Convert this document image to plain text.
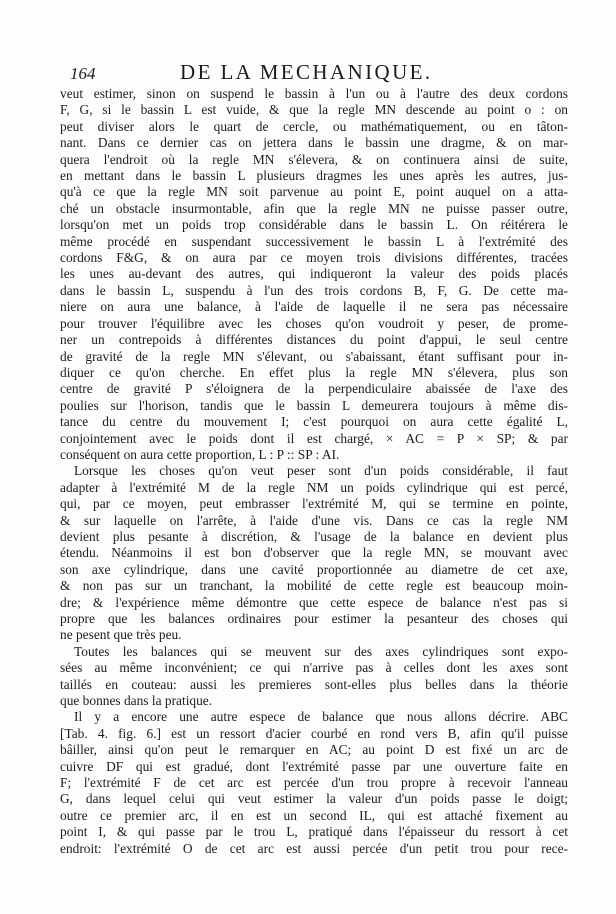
164	DE LA MECHANIQUE.
veut estimer, sinon on suspend le bassin à l'un ou à l'autre des deux cordons
F, G, si le bassin L est vuide, & que la regle MN descende au point o : on
peut diviser alors le quart de cercle, ou mathématiquement, ou en tâton-
nant. Dans ce dernier cas on jettera dans le bassin une dragme, & on mar-
quera l'endroit où la regle MN s'élevera, & on continuera ainsi de suite,
en mettant dans le bassin L plusieurs dragmes les unes après les autres, jus-
qu'à ce que la regle MN soit parvenue au point E, point auquel on a atta-
ché un obstacle insurmontable, afin que la regle MN ne puisse passer outre,
lorsqu'on met un poids trop considérable dans le bassin L. On réitérera le
même procédé en suspendant successivement le bassin L à l'extrémité des
cordons F&G, & on aura par ce moyen trois divisions différentes, tracées
les unes au-devant des autres, qui indiqueront la valeur des poids placés
dans le bassin L, suspendu à l'un des trois cordons B, F, G. De cette ma-
niere on aura une balance, à l'aide de laquelle il ne sera pas nécessaire
pour trouver l'équilibre avec les choses qu'on voudroit y peser, de prome-
ner un contrepoids à différentes distances du point d'appui, le seul centre
de gravité de la regle MN s'élevant, ou s'abaissant, étant suffisant pour in-
diquer ce qu'on cherche. En effet plus la regle MN s'élevera, plus son
centre de gravité P s'éloignera de la perpendiculaire abaissée de l'axe des
poulies sur l'horison, tandis que le bassin L demeurera toujours à même dis-
tance du centre du mouvement I; c'est pourquoi on aura cette égalité L,
conjointement avec le poids dont il est chargé, × AC = P × SP; & par
conséquent on aura cette proportion, L : P :: SP : AI.
Lorsque les choses qu'on veut peser sont d'un poids considérable, il faut
adapter à l'extrémité M de la regle NM un poids cylindrique qui est percé,
qui, par ce moyen, peut embrasser l'extrémité M, qui se termine en pointe,
& sur laquelle on l'arrête, à l'aide d'une vis. Dans ce cas la regle NM
devient plus pesante à discrétion, & l'usage de la balance en devient plus
étendu. Néanmoins il est bon d'observer que la regle MN, se mouvant avec
son axe cylindrique, dans une cavité proportionnée au diametre de cet axe,
& non pas sur un tranchant, la mobilité de cette regle est beaucoup moin-
dre; & l'expérience même démontre que cette espece de balance n'est pas si
propre que les balances ordinaires pour estimer la pesanteur des choses qui
ne pesent que très peu.
Toutes les balances qui se meuvent sur des axes cylindriques sont expo-
sées au même inconvénient; ce qui n'arrive pas à celles dont les axes sont
taillés en couteau: aussi les premieres sont-elles plus belles dans la théorie
que bonnes dans la pratique.
Il y a encore une autre espece de balance que nous allons décrire. ABC
[Tab. 4. fig. 6.] est un ressort d'acier courbé en rond vers B, afin qu'il puisse
bâiller, ainsi qu'on peut le remarquer en AC; au point D est fixé un arc de
cuivre DF qui est gradué, dont l'extrémité passe par une ouverture faite en
F; l'extrémité F de cet arc est percée d'un trou propre à recevoir l'anneau
G, dans lequel celui qui veut estimer la valeur d'un poids passe le doigt;
outre ce premier arc, il en est un second IL, qui est attaché fixement au
point I, & qui passe par le trou L, pratiqué dans l'épaisseur du ressort à cet
endroit: l'extrémité O de cet arc est aussi percée d'un petit trou pour rece-
